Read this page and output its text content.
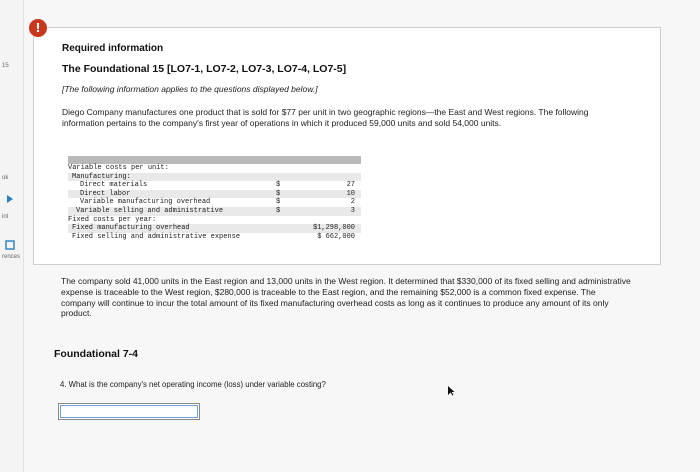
15
ok
int
rences
Required information
The Foundational 15 [LO7-1, LO7-2, LO7-3, LO7-4, LO7-5]
[The following information applies to the questions displayed below.]
Diego Company manufactures one product that is sold for $77 per unit in two geographic regions—the East and West regions. The following information pertains to the company's first year of operations in which it produced 59,000 units and sold 54,000 units.
Variable costs per unit:
Manufacturing:
Direct materials	$	27
Direct labor	$	10
Variable manufacturing overhead	$	2
Variable selling and administrative	$	3
Fixed costs per year:
Fixed manufacturing overhead	$1,298,000
Fixed selling and administrative expense	$ 662,000
!
The company sold 41,000 units in the East region and 13,000 units in the West region. It determined that $330,000 of its fixed selling and administrative expense is traceable to the West region, $280,000 is traceable to the East region, and the remaining $52,000 is a common fixed expense. The company will continue to incur the total amount of its fixed manufacturing overhead costs as long as it continues to produce any amount of its only product.
Foundational 7-4
4. What is the company's net operating income (loss) under variable costing?
